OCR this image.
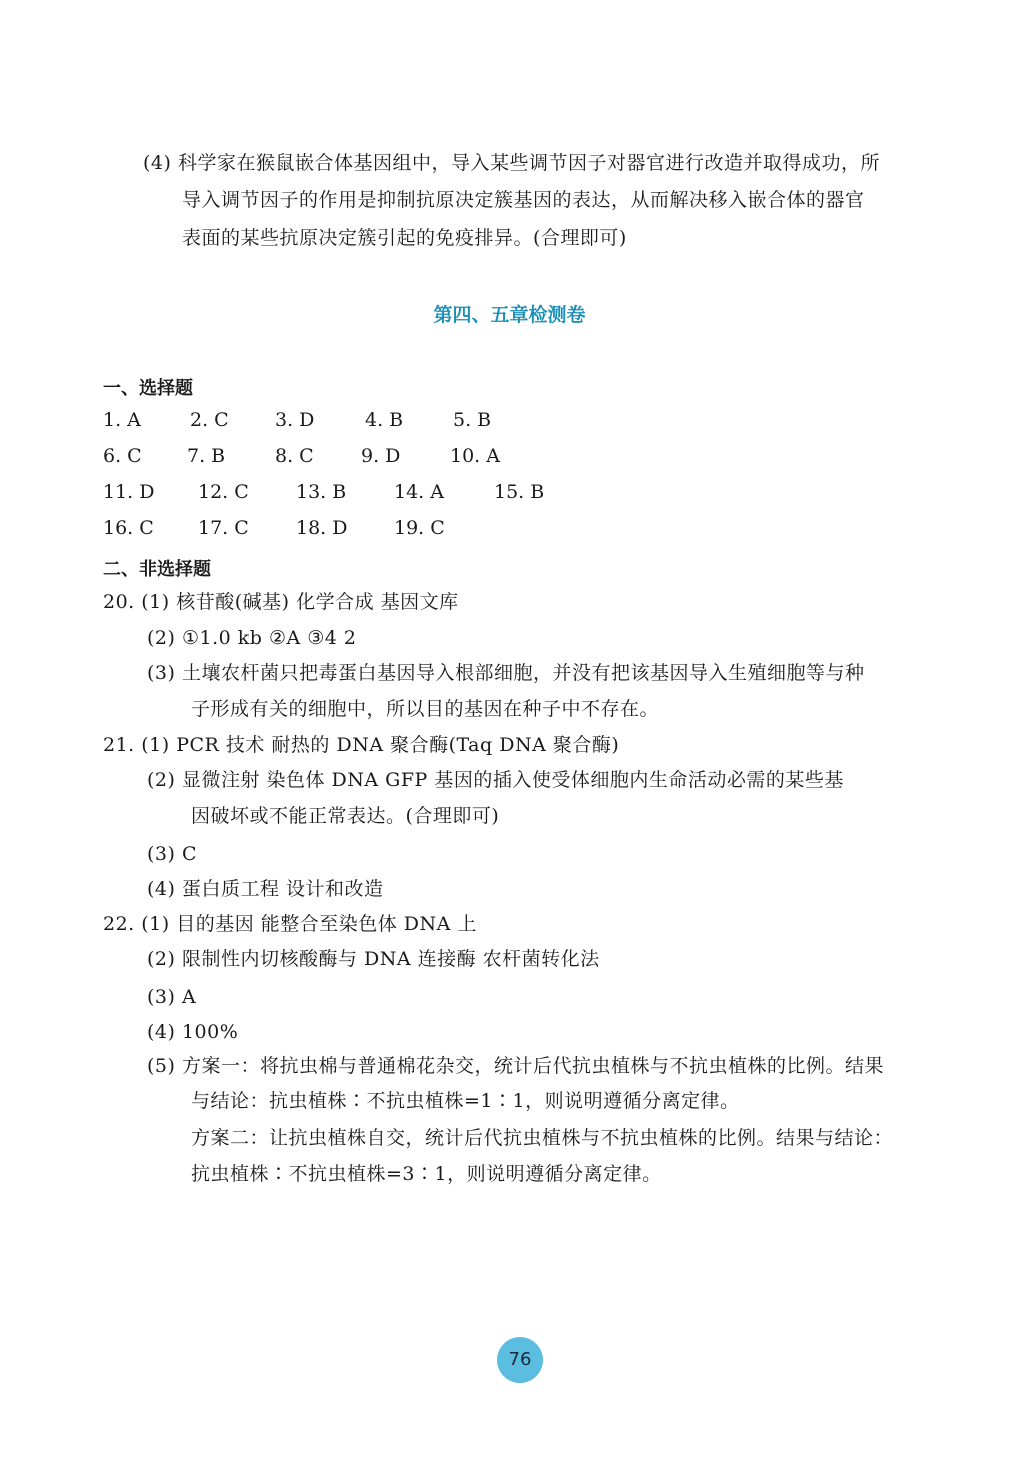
(4) 科学家在猴鼠嵌合体基因组中，导入某些调节因子对器官进行改造并取得成功，所
导入调节因子的作用是抑制抗原决定簇基因的表达，从而解决移入嵌合体的器官
表面的某些抗原决定簇引起的免疫排异。(合理即可)
第四、五章检测卷
一、选择题
1. A	2. C 3. D	4. B	5. B
6. C 7. B	8. C 9. D	10. A
11. D 12. C 13. B	14. A	15. B
16. C 17. C 18. D 19. C
二、非选择题
20. (1) 核苷酸(碱基) 化学合成 基因文库
(2) ①1.0 kb ②A ③4 2
(3) 土壤农杆菌只把毒蛋白基因导入根部细胞，并没有把该基因导入生殖细胞等与种
子形成有关的细胞中，所以目的基因在种子中不存在。
21. (1) PCR 技术 耐热的 DNA 聚合酶(Taq DNA 聚合酶)
(2) 显微注射 染色体 DNA GFP 基因的插入使受体细胞内生命活动必需的某些基
因破坏或不能正常表达。(合理即可)
(3) C
(4) 蛋白质工程 设计和改造
22. (1) 目的基因 能整合至染色体 DNA 上
(2) 限制性内切核酸酶与 DNA 连接酶 农杆菌转化法
(3) A
(4) 100%
(5) 方案一：将抗虫棉与普通棉花杂交，统计后代抗虫植株与不抗虫植株的比例。结果
与结论：抗虫植株∶不抗虫植株=1∶1，则说明遵循分离定律。
方案二：让抗虫植株自交，统计后代抗虫植株与不抗虫植株的比例。结果与结论：
抗虫植株∶不抗虫植株=3∶1，则说明遵循分离定律。
76
